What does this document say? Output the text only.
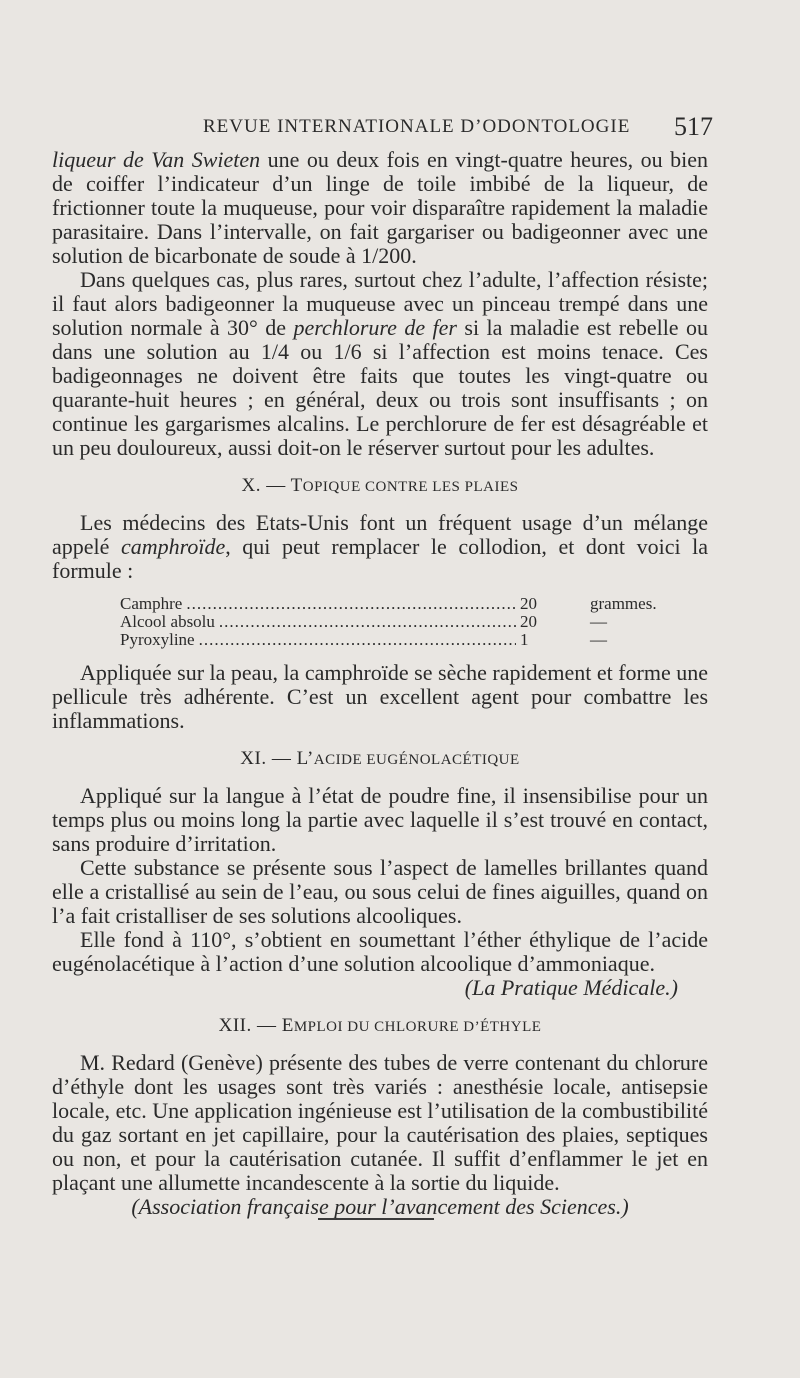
REVUE INTERNATIONALE D’ODONTOLOGIE 517

liqueur de Van Swieten une ou deux fois en vingt-quatre heures, ou bien de coiffer l’indicateur d’un linge de toile imbibé de la liqueur, de frictionner toute la muqueuse, pour voir disparaître rapidement la maladie parasitaire. Dans l’intervalle, on fait gargariser ou badigeonner avec une solution de bicarbonate de soude à 1/200.

Dans quelques cas, plus rares, surtout chez l’adulte, l’affection résiste; il faut alors badigeonner la muqueuse avec un pinceau trempé dans une solution normale à 30° de perchlorure de fer si la maladie est rebelle ou dans une solution au 1/4 ou 1/6 si l’affection est moins tenace. Ces badigeonnages ne doivent être faits que toutes les vingt-quatre ou quarante-huit heures ; en général, deux ou trois sont insuffisants ; on continue les gargarismes alcalins. Le perchlorure de fer est désagréable et un peu douloureux, aussi doit-on le réserver surtout pour les adultes.

X. — TOPIQUE CONTRE LES PLAIES

Les médecins des Etats-Unis font un fréquent usage d’un mélange appelé camphroïde, qui peut remplacer le collodion, et dont voici la formule :

Camphre .....	20	grammes.
Alcool absolu .....	20	—
Pyroxyline .....	1	—

Appliquée sur la peau, la camphroïde se sèche rapidement et forme une pellicule très adhérente. C’est un excellent agent pour combattre les inflammations.

XI. — L’ACIDE EUGÉNOLACÉTIQUE

Appliqué sur la langue à l’état de poudre fine, il insensibilise pour un temps plus ou moins long la partie avec laquelle il s’est trouvé en contact, sans produire d’irritation.

Cette substance se présente sous l’aspect de lamelles brillantes quand elle a cristallisé au sein de l’eau, ou sous celui de fines aiguilles, quand on l’a fait cristalliser de ses solutions alcooliques.

Elle fond à 110°, s’obtient en soumettant l’éther éthylique de l’acide eugénolacétique à l’action d’une solution alcoolique d’ammoniaque.

(La Pratique Médicale.)

XII. — EMPLOI DU CHLORURE D’ÉTHYLE

M. Redard (Genève) présente des tubes de verre contenant du chlorure d’éthyle dont les usages sont très variés : anesthésie locale, antisepsie locale, etc. Une application ingénieuse est l’utilisation de la combustibilité du gaz sortant en jet capillaire, pour la cautérisation des plaies, septiques ou non, et pour la cautérisation cutanée. Il suffit d’enflammer le jet en plaçant une allumette incandescente à la sortie du liquide.

(Association française pour l’avancement des Sciences.)
